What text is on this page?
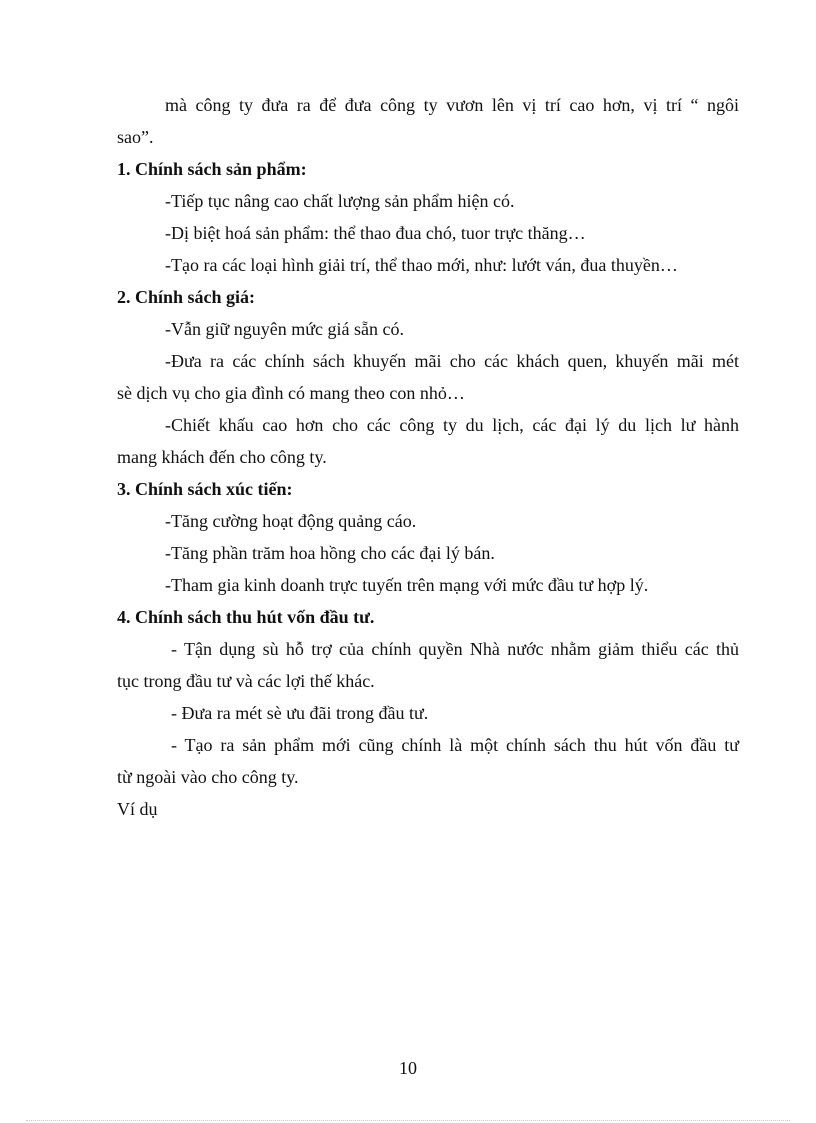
mà công ty đưa ra để đưa công ty vươn lên vị trí cao hơn, vị trí “ ngôi

sao”.

1. Chính sách sản phẩm:

-Tiếp tục nâng cao chất lượng sản phẩm hiện có.

-Dị biệt hoá sản phẩm: thể thao đua chó, tuor trực thăng…

-Tạo ra các loại hình giải trí, thể thao mới, như: lướt ván, đua thuyền…

2. Chính sách giá:

-Vẫn giữ nguyên mức giá sẵn có.

-Đưa ra các chính sách khuyến mãi cho các khách quen, khuyến mãi mét

sè dịch vụ cho gia đình có mang theo con nhỏ…

-Chiết khấu cao hơn cho các công ty du lịch, các đại lý du lịch lư hành

mang khách đến cho công ty.

3. Chính sách xúc tiến:

-Tăng cường hoạt động quảng cáo.

-Tăng phần trăm hoa hồng cho các đại lý bán.

-Tham gia kinh doanh trực tuyến trên mạng với mức đầu tư hợp lý.

4. Chính sách thu hút vốn đầu tư.

- Tận dụng sù hỗ trợ của chính quyền Nhà nước nhằm giảm thiểu các thủ

tục trong đầu tư và các lợi thế khác.

- Đưa ra mét sè ưu đãi trong đầu tư.

- Tạo ra sản phẩm mới cũng chính là một chính sách thu hút vốn đầu tư

từ ngoài vào cho công ty.

Ví dụ

10
